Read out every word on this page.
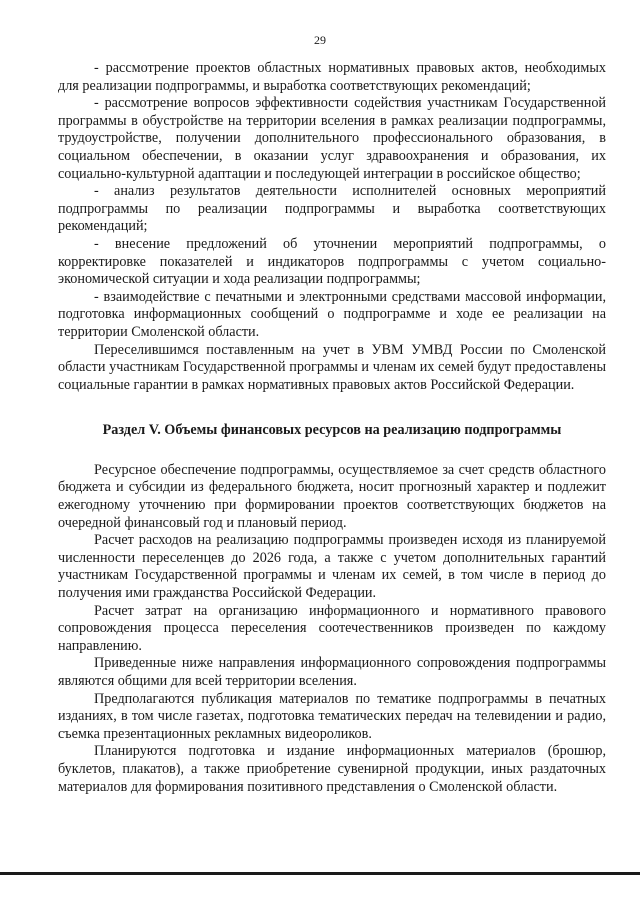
29

- рассмотрение проектов областных нормативных правовых актов, необходимых для реализации подпрограммы, и выработка соответствующих рекомендаций;

- рассмотрение вопросов эффективности содействия участникам Государственной программы в обустройстве на территории вселения в рамках реализации подпрограммы, трудоустройстве, получении дополнительного профессионального образования, в социальном обеспечении, в оказании услуг здравоохранения и образования, их социально-культурной адаптации и последующей интеграции в российское общество;

- анализ результатов деятельности исполнителей основных мероприятий подпрограммы по реализации подпрограммы и выработка соответствующих рекомендаций;

- внесение предложений об уточнении мероприятий подпрограммы, о корректировке показателей и индикаторов подпрограммы с учетом социально-экономической ситуации и хода реализации подпрограммы;

- взаимодействие с печатными и электронными средствами массовой информации, подготовка информационных сообщений о подпрограмме и ходе ее реализации на территории Смоленской области.

Переселившимся поставленным на учет в УВМ УМВД России по Смоленской области участникам Государственной программы и членам их семей будут предоставлены социальные гарантии в рамках нормативных правовых актов Российской Федерации.

Раздел V. Объемы финансовых ресурсов на реализацию подпрограммы

Ресурсное обеспечение подпрограммы, осуществляемое за счет средств областного бюджета и субсидии из федерального бюджета, носит прогнозный характер и подлежит ежегодному уточнению при формировании проектов соответствующих бюджетов на очередной финансовый год и плановый период.

Расчет расходов на реализацию подпрограммы произведен исходя из планируемой численности переселенцев до 2026 года, а также с учетом дополнительных гарантий участникам Государственной программы и членам их семей, в том числе в период до получения ими гражданства Российской Федерации.

Расчет затрат на организацию информационного и нормативного правового сопровождения процесса переселения соотечественников произведен по каждому направлению.

Приведенные ниже направления информационного сопровождения подпрограммы являются общими для всей территории вселения.

Предполагаются публикация материалов по тематике подпрограммы в печатных изданиях, в том числе газетах, подготовка тематических передач на телевидении и радио, съемка презентационных рекламных видеороликов.

Планируются подготовка и издание информационных материалов (брошюр, буклетов, плакатов), а также приобретение сувенирной продукции, иных раздаточных материалов для формирования позитивного представления о Смоленской области.
